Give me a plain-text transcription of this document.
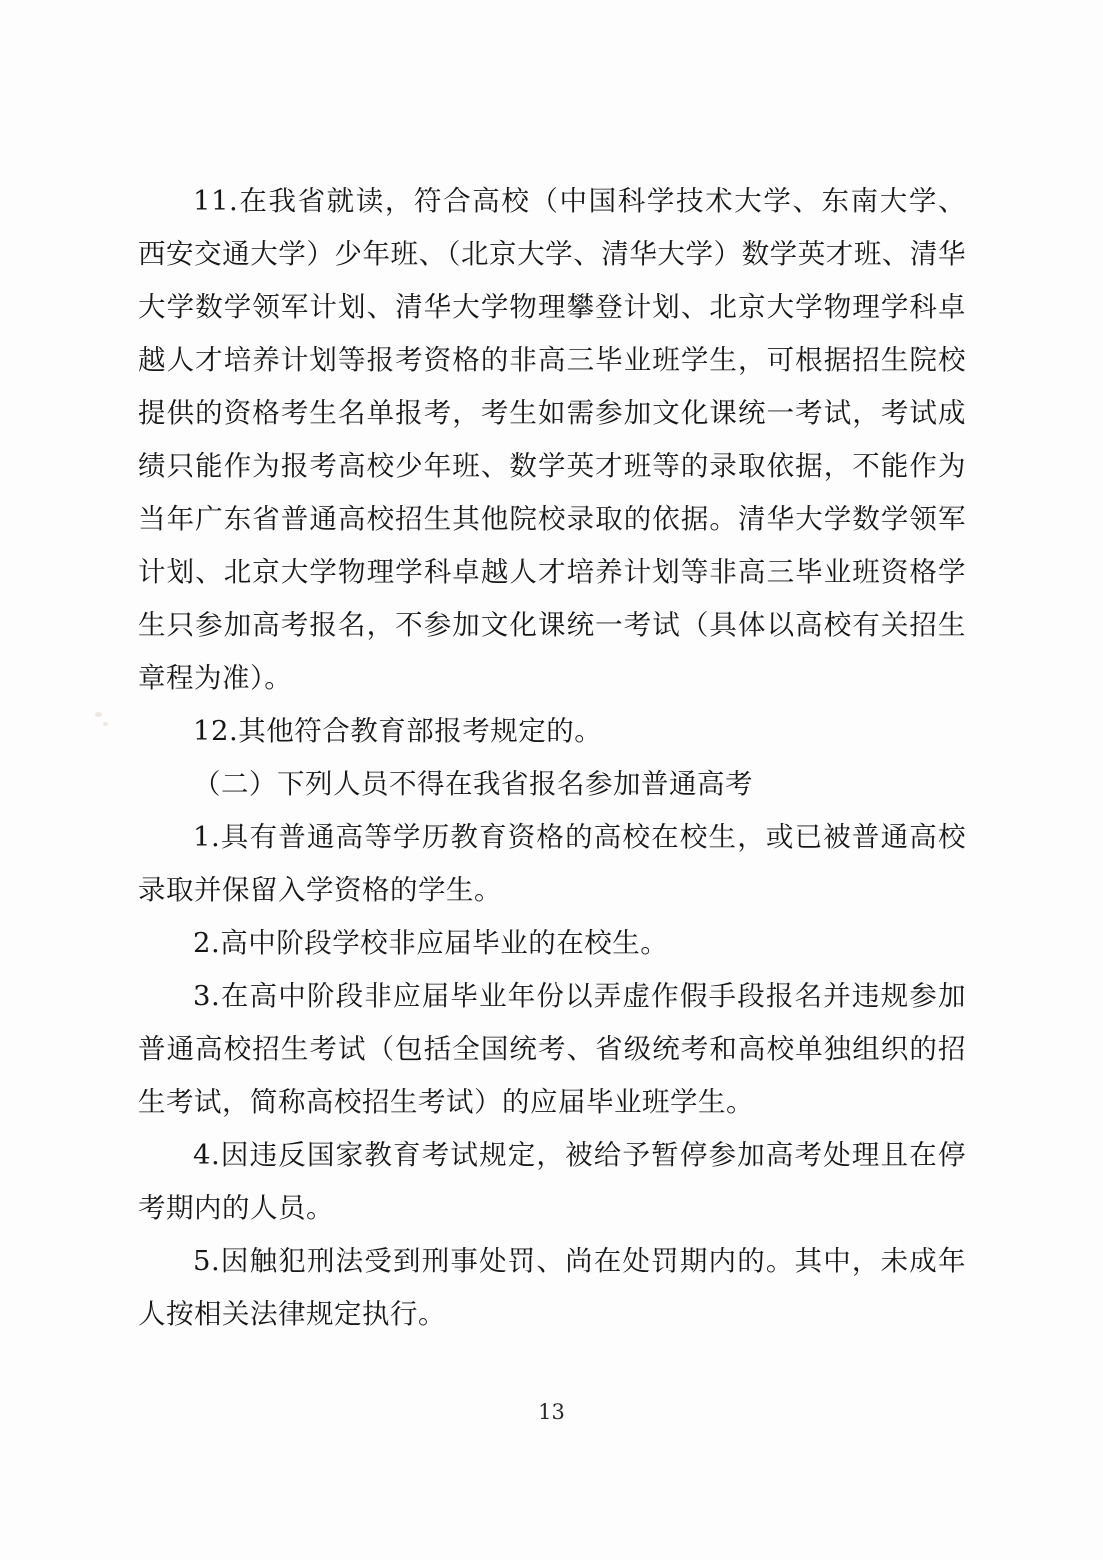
11.在我省就读，符合高校（中国科学技术大学、东南大学、西安交通大学）少年班、（北京大学、清华大学）数学英才班、清华大学数学领军计划、清华大学物理攀登计划、北京大学物理学科卓越人才培养计划等报考资格的非高三毕业班学生，可根据招生院校提供的资格考生名单报考，考生如需参加文化课统一考试，考试成绩只能作为报考高校少年班、数学英才班等的录取依据，不能作为当年广东省普通高校招生其他院校录取的依据。清华大学数学领军计划、北京大学物理学科卓越人才培养计划等非高三毕业班资格学生只参加高考报名，不参加文化课统一考试（具体以高校有关招生章程为准）。

12.其他符合教育部报考规定的。

（二）下列人员不得在我省报名参加普通高考

1.具有普通高等学历教育资格的高校在校生，或已被普通高校录取并保留入学资格的学生。

2.高中阶段学校非应届毕业的在校生。

3.在高中阶段非应届毕业年份以弄虚作假手段报名并违规参加普通高校招生考试（包括全国统考、省级统考和高校单独组织的招生考试，简称高校招生考试）的应届毕业班学生。

4.因违反国家教育考试规定，被给予暂停参加高考处理且在停考期内的人员。

5.因触犯刑法受到刑事处罚、尚在处罚期内的。其中，未成年人按相关法律规定执行。

13
